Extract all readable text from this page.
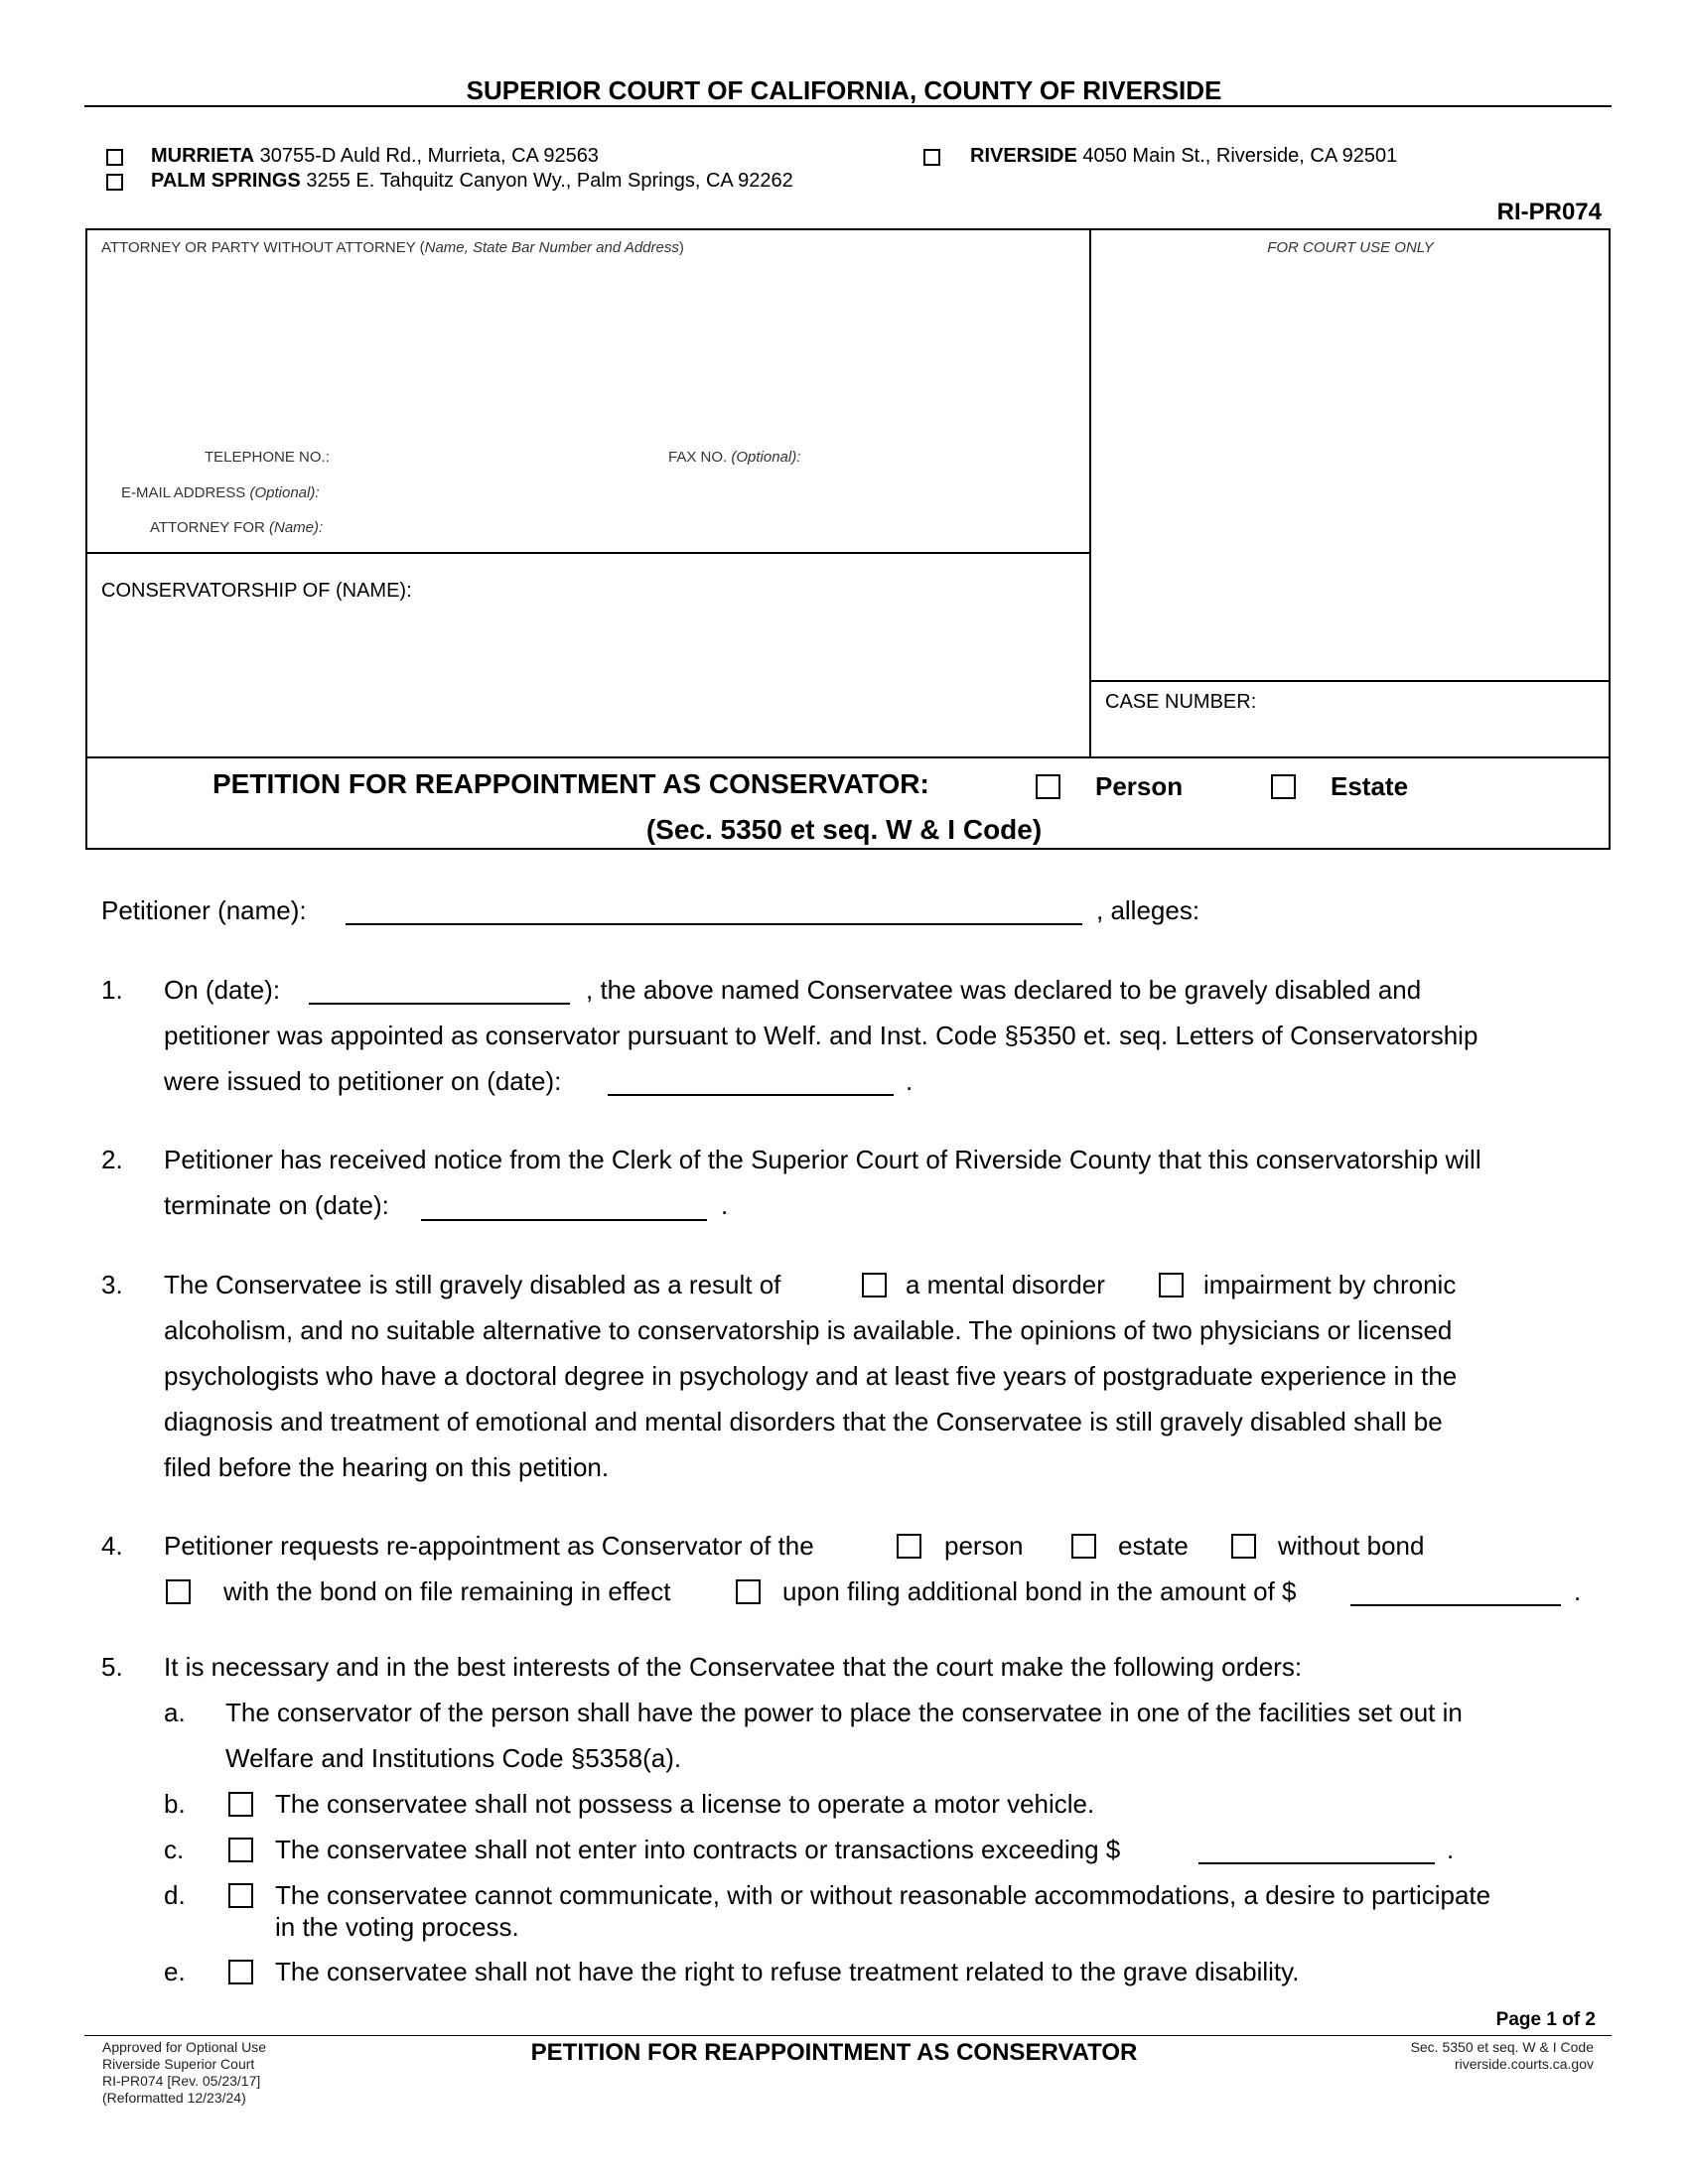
SUPERIOR COURT OF CALIFORNIA, COUNTY OF RIVERSIDE
MURRIETA 30755-D Auld Rd., Murrieta, CA 92563
PALM SPRINGS 3255 E. Tahquitz Canyon Wy., Palm Springs, CA 92262
RIVERSIDE 4050 Main St., Riverside, CA 92501
RI-PR074
ATTORNEY OR PARTY WITHOUT ATTORNEY (Name, State Bar Number and Address)	FOR COURT USE ONLY
TELEPHONE NO.:	FAX NO. (Optional):
E-MAIL ADDRESS (Optional):
ATTORNEY FOR (Name):
CONSERVATORSHIP OF (NAME):
CASE NUMBER:
PETITION FOR REAPPOINTMENT AS CONSERVATOR:	Person	Estate
(Sec. 5350 et seq. W & I Code)
Petitioner (name):	, alleges:
1. On (date):	, the above named Conservatee was declared to be gravely disabled and
petitioner was appointed as conservator pursuant to Welf. and Inst. Code §5350 et. seq. Letters of Conservatorship
were issued to petitioner on (date):	.
2. Petitioner has received notice from the Clerk of the Superior Court of Riverside County that this conservatorship will
terminate on (date):	.
3. The Conservatee is still gravely disabled as a result of	a mental disorder	impairment by chronic
alcoholism, and no suitable alternative to conservatorship is available. The opinions of two physicians or licensed
psychologists who have a doctoral degree in psychology and at least five years of postgraduate experience in the
diagnosis and treatment of emotional and mental disorders that the Conservatee is still gravely disabled shall be
filed before the hearing on this petition.
4. Petitioner requests re-appointment as Conservator of the	person	estate	without bond
with the bond on file remaining in effect	upon filing additional bond in the amount of $	.
5. It is necessary and in the best interests of the Conservatee that the court make the following orders:
a. The conservator of the person shall have the power to place the conservatee in one of the facilities set out in
Welfare and Institutions Code §5358(a).
b.	The conservatee shall not possess a license to operate a motor vehicle.
c.	The conservatee shall not enter into contracts or transactions exceeding $	.
d.	The conservatee cannot communicate, with or without reasonable accommodations, a desire to participate
in the voting process.
e.	The conservatee shall not have the right to refuse treatment related to the grave disability.
Page 1 of 2
Approved for Optional Use
Riverside Superior Court
RI-PR074 [Rev. 05/23/17]
(Reformatted 12/23/24)
PETITION FOR REAPPOINTMENT AS CONSERVATOR	Sec. 5350 et seq. W & I Code
riverside.courts.ca.gov
